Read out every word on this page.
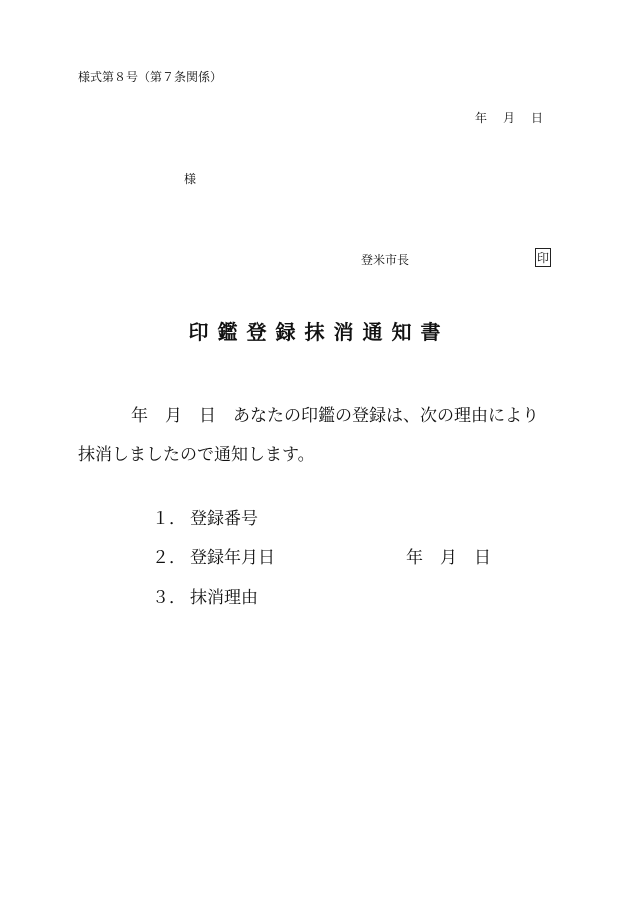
様式第８号（第７条関係）
年 月 日
様
登米市長	印
印鑑登録抹消通知書
年　月　日　あなたの印鑑の登録は、次の理由により
抹消しましたので通知します。
１． 登録番号
２． 登録年月日	年　月　日
３． 抹消理由
